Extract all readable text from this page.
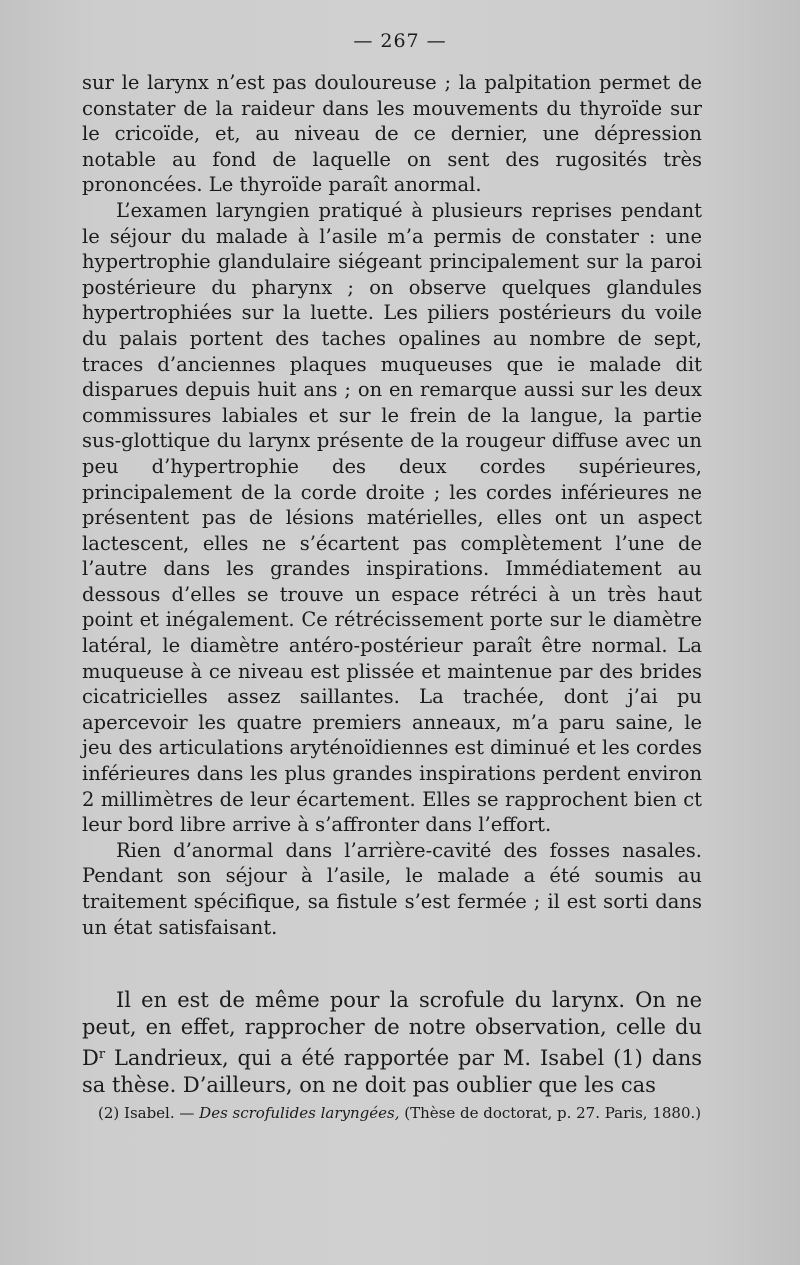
— 267 —

sur le larynx n’est pas douloureuse ; la palpitation permet de constater de la raideur dans les mouvements du thyroïde sur le cricoïde, et, au niveau de ce dernier, une dépression notable au fond de laquelle on sent des rugosités très prononcées. Le thyroïde paraît anormal.

L’examen laryngien pratiqué à plusieurs reprises pendant le séjour du malade à l’asile m’a permis de constater : une hypertrophie glandulaire siégeant principalement sur la paroi postérieure du pharynx ; on observe quelques glandules hypertrophiées sur la luette. Les piliers postérieurs du voile du palais portent des taches opalines au nombre de sept, traces d’anciennes plaques muqueuses que ie malade dit disparues depuis huit ans ; on en remarque aussi sur les deux commissures labiales et sur le frein de la langue, la partie sus-glottique du larynx présente de la rougeur diffuse avec un peu d’hypertrophie des deux cordes supérieures, principalement de la corde droite ; les cordes inférieures ne présentent pas de lésions matérielles, elles ont un aspect lactescent, elles ne s’écartent pas complètement l’une de l’autre dans les grandes inspirations. Immédiatement au dessous d’elles se trouve un espace rétréci à un très haut point et inégalement. Ce rétrécissement porte sur le diamètre latéral, le diamètre antéro-postérieur paraît être normal. La muqueuse à ce niveau est plissée et maintenue par des brides cicatricielles assez saillantes. La trachée, dont j’ai pu apercevoir les quatre premiers anneaux, m’a paru saine, le jeu des articulations aryténoïdiennes est diminué et les cordes inférieures dans les plus grandes inspirations perdent environ 2 millimètres de leur écartement. Elles se rapprochent bien ct leur bord libre arrive à s’affronter dans l’effort.

Rien d’anormal dans l’arrière-cavité des fosses nasales. Pendant son séjour à l’asile, le malade a été soumis au traitement spécifique, sa fistule s’est fermée ; il est sorti dans un état satisfaisant.

Il en est de même pour la scrofule du larynx. On ne peut, en effet, rapprocher de notre observation, celle du $D^r$ Landrieux, qui a été rapportée par M. Isabel (1) dans sa thèse. D’ailleurs, on ne doit pas oublier que les cas

(2) Isabel. — Des scrofulides laryngées, (Thèse de doctorat, p. 27. Paris, 1880.)
